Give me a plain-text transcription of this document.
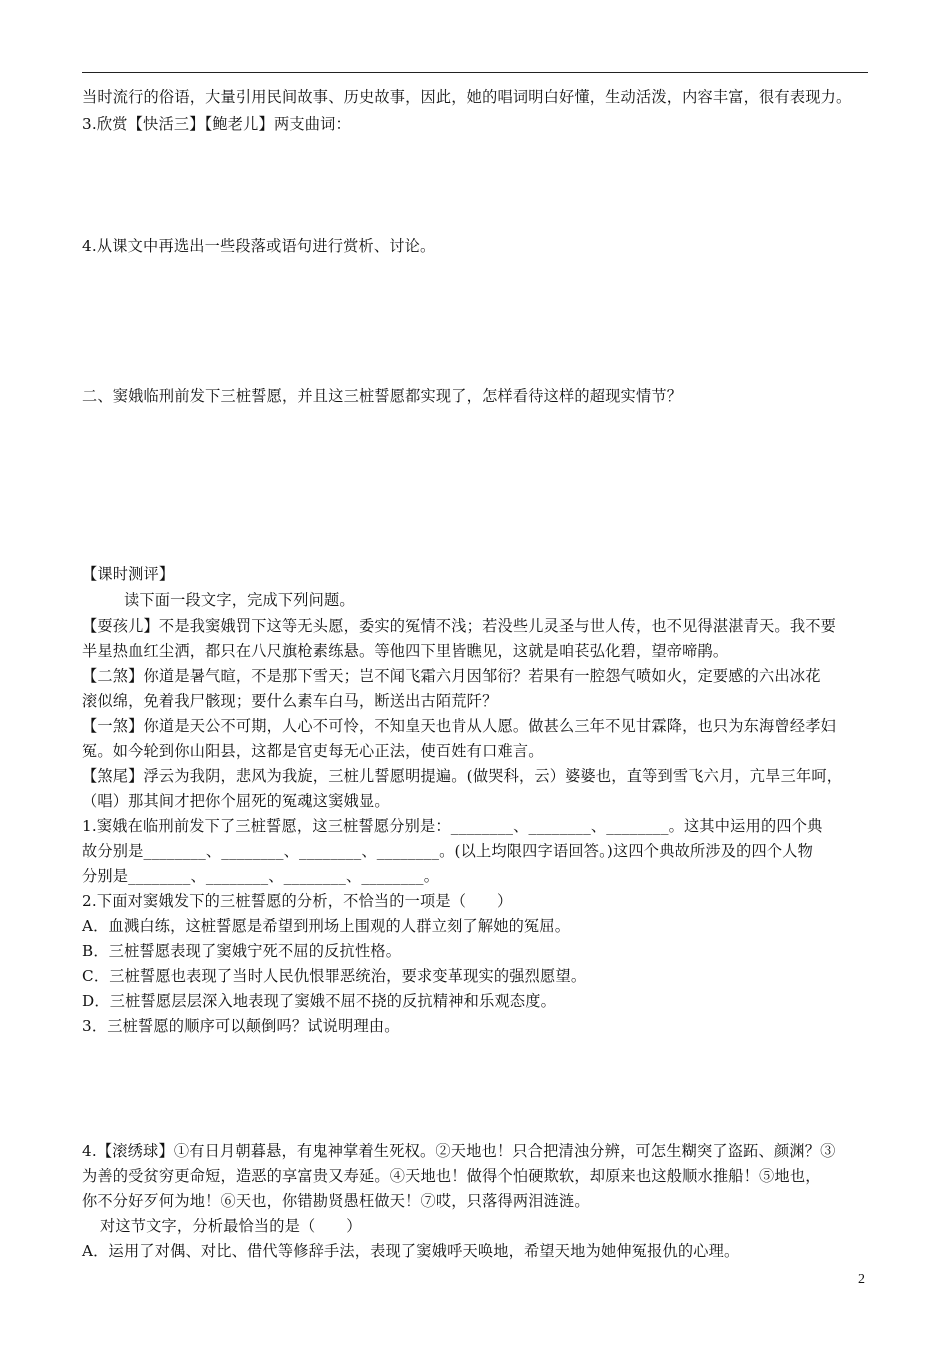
当时流行的俗语，大量引用民间故事、历史故事，因此，她的唱词明白好懂，生动活泼，内容丰富，很有表现力。
3.欣赏【快活三】【鲍老儿】两支曲词：
4.从课文中再选出一些段落或语句进行赏析、讨论。
二、窦娥临刑前发下三桩誓愿，并且这三桩誓愿都实现了，怎样看待这样的超现实情节？
【课时测评】
读下面一段文字，完成下列问题。
【耍孩儿】不是我窦娥罚下这等无头愿，委实的冤情不浅；若没些儿灵圣与世人传，也不见得湛湛青天。我不要
半星热血红尘洒，都只在八尺旗枪素练悬。等他四下里皆瞧见，这就是咱苌弘化碧，望帝啼鹃。
【二煞】你道是暑气暄，不是那下雪天；岂不闻飞霜六月因邹衍？若果有一腔怨气喷如火，定要感的六出冰花
滚似绵，免着我尸骸现；要什么素车白马，断送出古陌荒阡？
【一煞】你道是天公不可期，人心不可怜，不知皇天也肯从人愿。做甚么三年不见甘霖降，也只为东海曾经孝妇
冤。如今轮到你山阳县，这都是官吏每无心正法，使百姓有口难言。
【煞尾】浮云为我阴，悲风为我旋，三桩儿誓愿明提遍。(做哭科，云）婆婆也，直等到雪飞六月，亢旱三年呵，
（唱）那其间才把你个屈死的冤魂这窦娥显。
1.窦娥在临刑前发下了三桩誓愿，这三桩誓愿分别是：________、________、________。这其中运用的四个典
故分别是________、________、________、________。(以上均限四字语回答。)这四个典故所涉及的四个人物
分别是________、________、________、________。
2.下面对窦娥发下的三桩誓愿的分析，不恰当的一项是（　　）
A．血溅白练，这桩誓愿是希望到刑场上围观的人群立刻了解她的冤屈。
B．三桩誓愿表现了窦娥宁死不屈的反抗性格。
C．三桩誓愿也表现了当时人民仇恨罪恶统治，要求变革现实的强烈愿望。
D．三桩誓愿层层深入地表现了窦娥不屈不挠的反抗精神和乐观态度。
3．三桩誓愿的顺序可以颠倒吗？试说明理由。
4.【滚绣球】①有日月朝暮悬，有鬼神掌着生死权。②天地也！只合把清浊分辨，可怎生糊突了盗跖、颜渊？③
为善的受贫穷更命短，造恶的享富贵又寿延。④天地也！做得个怕硬欺软，却原来也这般顺水推船！⑤地也，
你不分好歹何为地！⑥天也，你错勘贤愚枉做天！⑦哎，只落得两泪涟涟。
对这节文字，分析最恰当的是（　　）
A．运用了对偶、对比、借代等修辞手法，表现了窦娥呼天唤地，希望天地为她伸冤报仇的心理。
2
